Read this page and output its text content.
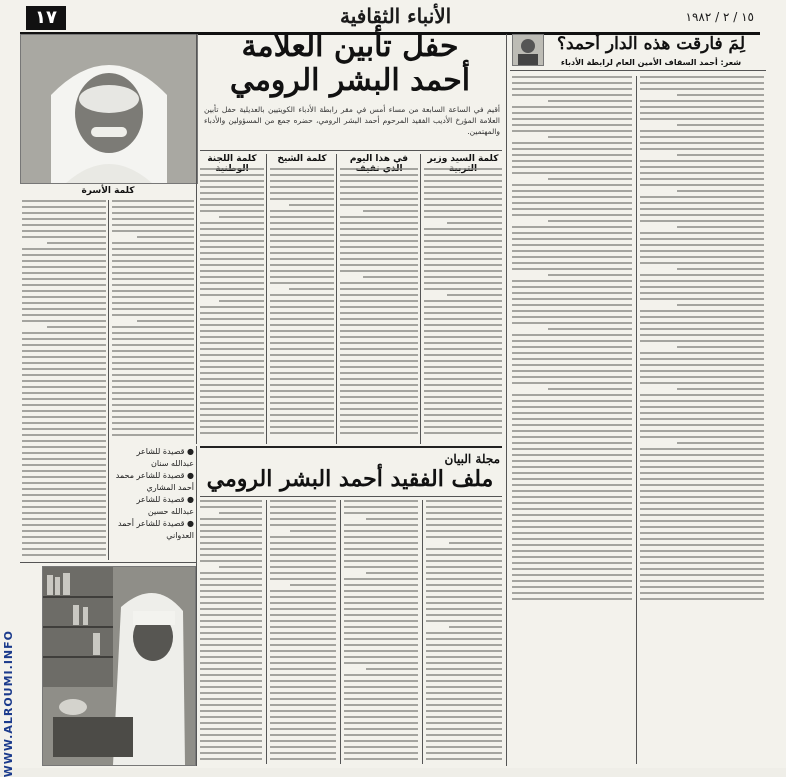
١٧	الأنباء الثقافية	١٥ / ٢ / ١٩٨٢
WWW.ALROUMI.INFO
لِمَ فارقت هذه الدار أحمد؟
شعر: أحمد السقاف الأمين العام لرابطة الأدباء
حفل تأبين العلامة
أحمد البشر الرومي
أقيم في الساعة السابعة من مساء أمس في مقر رابطة الأدباء الكويتيين بالعديلية حفل تأبين العلامة المؤرخ الأديب الفقيد المرحوم أحمد البشر الرومي، حضره جمع من المسؤولين والأدباء والمهتمين.
كلمة السيد وزير
في هذا اليوم
كلمة الشيخ
كلمة اللجنة
كلمة الأسرة
مجلة البيان
ملف الفقيد أحمد البشر الرومي
● قصيدة للشاعر عبدالله سنان
● قصيدة للشاعر محمد أحمد المشاري
● قصيدة للشاعر عبدالله حسين
● قصيدة للشاعر أحمد العدواني
